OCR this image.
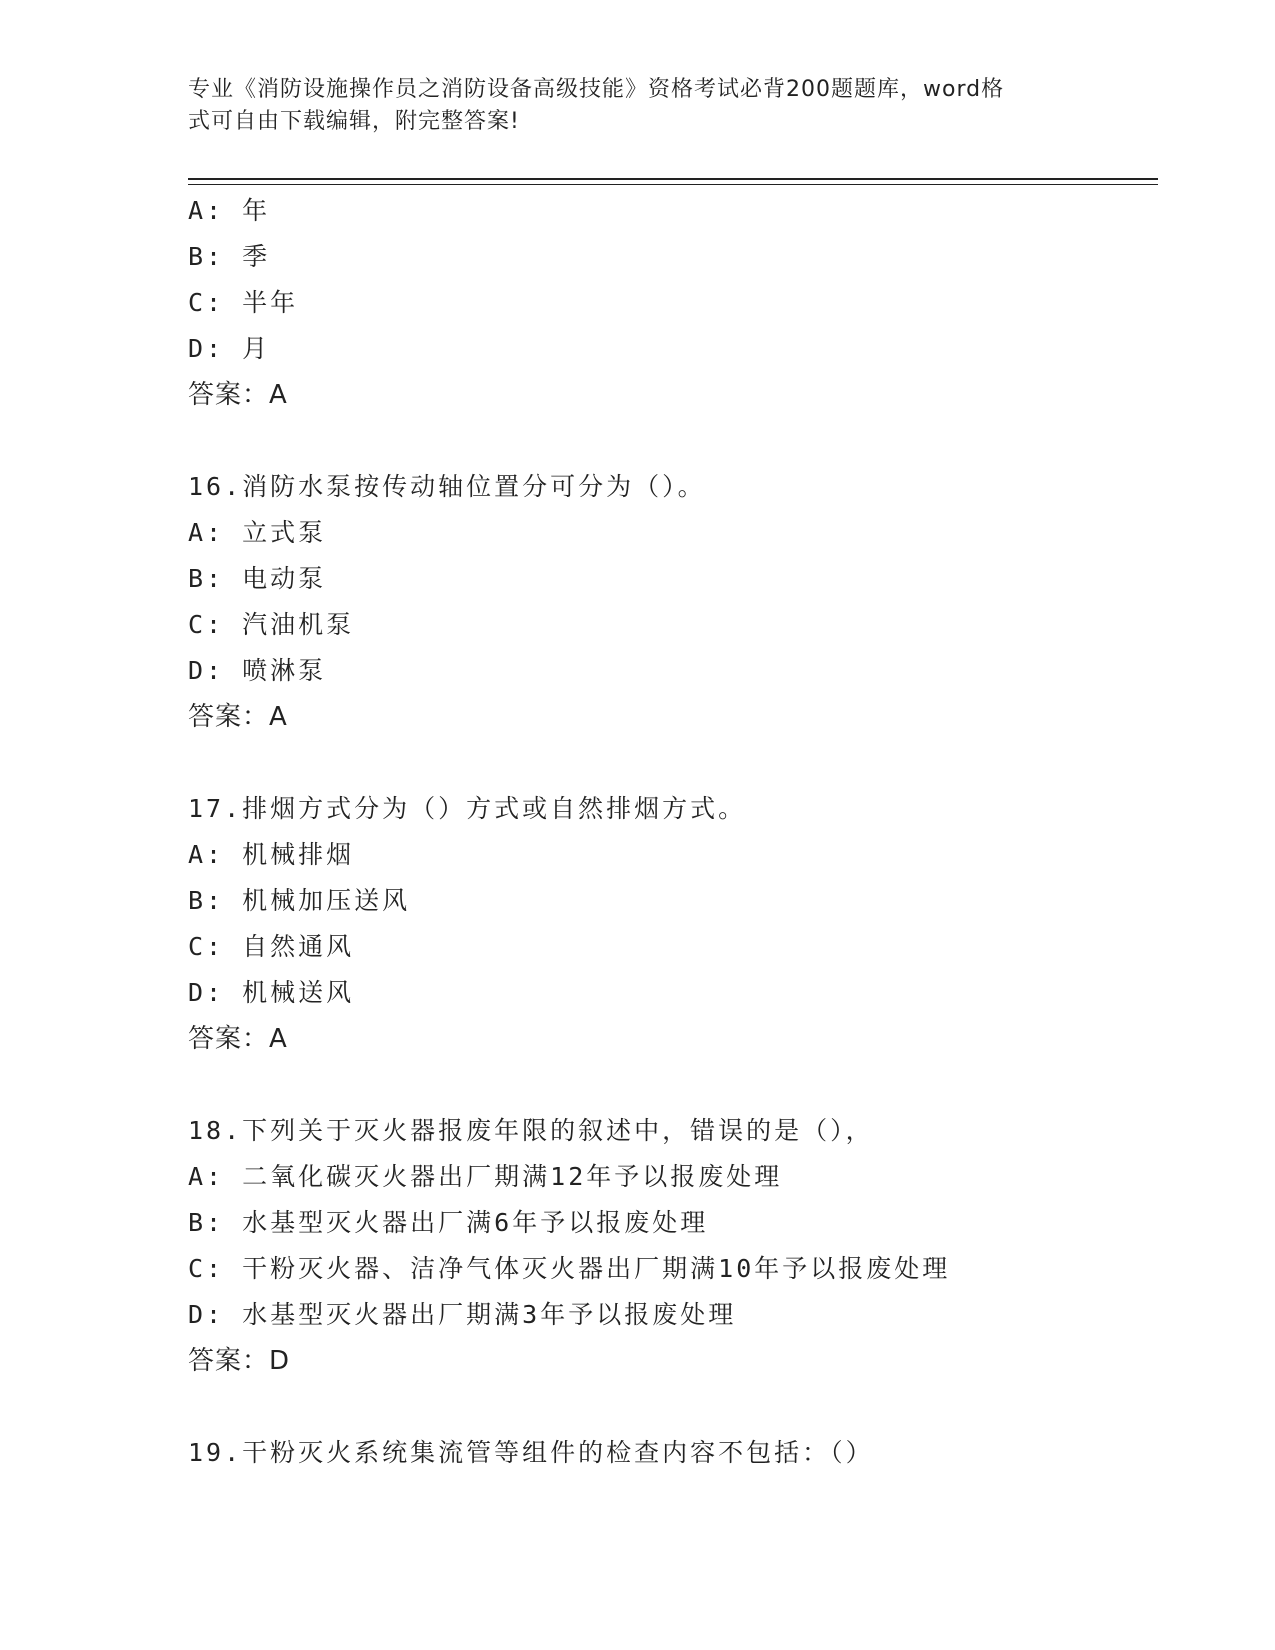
专业《消防设施操作员之消防设备高级技能》资格考试必背200题题库，word格
式可自由下载编辑，附完整答案!
A: 年
B: 季
C: 半年
D: 月
答案：A
16.消防水泵按传动轴位置分可分为（）。
A: 立式泵
B: 电动泵
C: 汽油机泵
D: 喷淋泵
答案：A
17.排烟方式分为（）方式或自然排烟方式。
A: 机械排烟
B: 机械加压送风
C: 自然通风
D: 机械送风
答案：A
18.下列关于灭火器报废年限的叙述中，错误的是（），
A: 二氧化碳灭火器出厂期满12年予以报废处理
B: 水基型灭火器出厂满6年予以报废处理
C: 干粉灭火器、洁净气体灭火器出厂期满10年予以报废处理
D: 水基型灭火器出厂期满3年予以报废处理
答案：D
19.干粉灭火系统集流管等组件的检查内容不包括：（）
